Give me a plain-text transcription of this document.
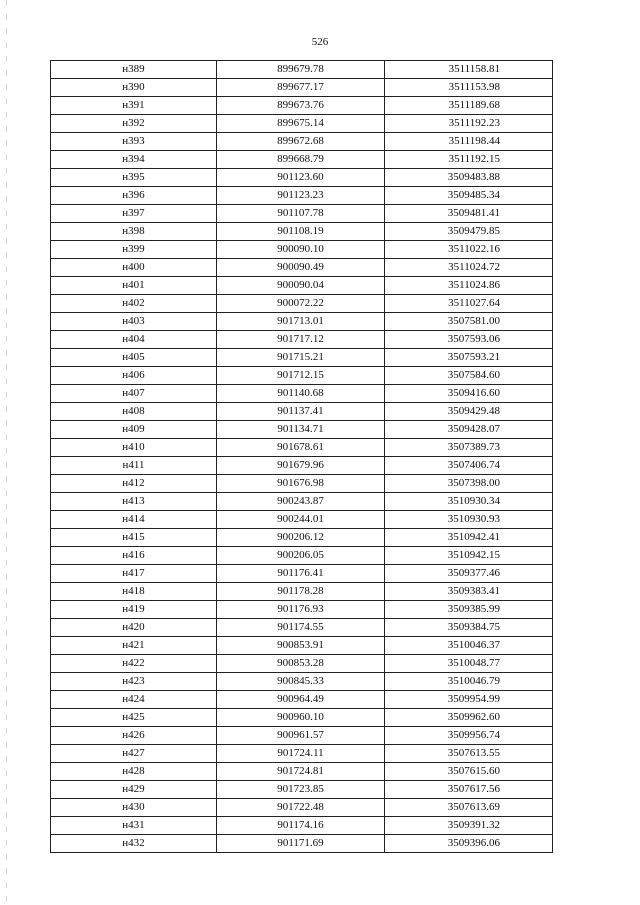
526
н389	899679.78	3511158.81
н390	899677.17	3511153.98
н391	899673.76	3511189.68
н392	899675.14	3511192.23
н393	899672.68	3511198.44
н394	899668.79	3511192.15
н395	901123.60	3509483.88
н396	901123.23	3509485.34
н397	901107.78	3509481.41
н398	901108.19	3509479.85
н399	900090.10	3511022.16
н400	900090.49	3511024.72
н401	900090.04	3511024.86
н402	900072.22	3511027.64
н403	901713.01	3507581.00
н404	901717.12	3507593.06
н405	901715.21	3507593.21
н406	901712.15	3507584.60
н407	901140.68	3509416.60
н408	901137.41	3509429.48
н409	901134.71	3509428.07
н410	901678.61	3507389.73
н411	901679.96	3507406.74
н412	901676.98	3507398.00
н413	900243.87	3510930.34
н414	900244.01	3510930.93
н415	900206.12	3510942.41
н416	900206.05	3510942.15
н417	901176.41	3509377.46
н418	901178.28	3509383.41
н419	901176.93	3509385.99
н420	901174.55	3509384.75
н421	900853.91	3510046.37
н422	900853.28	3510048.77
н423	900845.33	3510046.79
н424	900964.49	3509954.99
н425	900960.10	3509962.60
н426	900961.57	3509956.74
н427	901724.11	3507613.55
н428	901724.81	3507615.60
н429	901723.85	3507617.56
н430	901722.48	3507613.69
н431	901174.16	3509391.32
н432	901171.69	3509396.06
